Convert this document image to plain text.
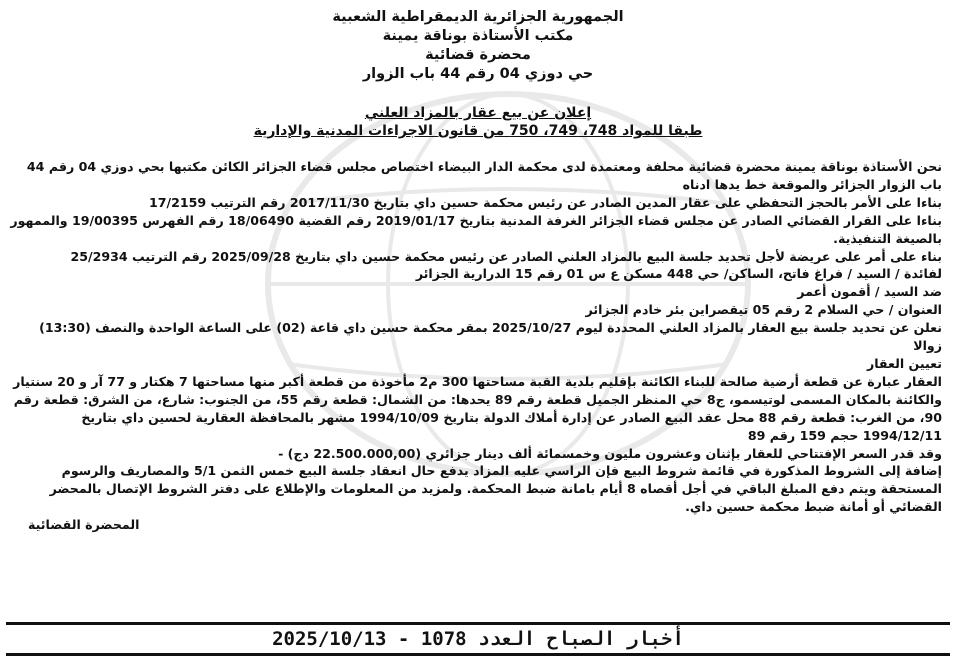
الجمهورية الجزائرية الديمقراطية الشعبية
مكتب الأستاذة بوناقة يمينة
محضرة قضائية
حي دوزي 04 رقم 44 باب الزوار
إعلان عن بيع عقار بالمزاد العلني
طبقا للمواد 748، 749، 750 من قانون الاجراءات المدنية والإدارية

نحن الأستاذة بوناقة يمينة محضرة قضائية محلفة ومعتمدة لدى محكمة الدار البيضاء اختصاص مجلس قضاء الجزائر الكائن مكتبها بحي دوزي 04 رقم 44 باب الزوار الجزائر والموقعة خط يدها ادناه

بناءا على الأمر بالحجز التحفظي على عقار المدين الصادر عن رئيس محكمة حسين داي بتاريخ 2017/11/30 رقم الترتيب 17/2159

بناءا على القرار القضائي الصادر عن مجلس قضاء الجزائر الغرفة المدنية بتاريخ 2019/01/17 رقم القضية 18/06490 رقم الفهرس 19/00395 والممهور بالصيغة التنفيذية.

بناء على أمر على عريضة لأجل تحديد جلسة البيع بالمزاد العلني الصادر عن رئيس محكمة حسين داي بتاريخ 2025/09/28 رقم الترتيب 25/2934

لفائدة / السيد / فراغ فاتح، الساكن/ حي 448 مسكن ع س 01 رقم 15 الدرارية الجزائر

ضد السيد / أقمون أعمر

العنوان / حي السلام 2 رقم 05 تيقصراين بئر خادم الجزائر

نعلن عن تحديد جلسة بيع العقار بالمزاد العلني المحددة ليوم 2025/10/27 بمقر محكمة حسين داي قاعة (02) على الساعة الواحدة والنصف (13:30) زوالا

تعيين العقار

العقار عبارة عن قطعة أرضية صالحة للبناء الكائنة بإقليم بلدية القبة مساحتها 300 م2 مأخوذة من قطعة أكبر منها مساحتها 7 هكتار و 77 آر و 20 سنتيار والكائنة بالمكان المسمى لوتيسمو، ج8 حي المنظر الجميل قطعة رقم 89 يحدها: من الشمال: قطعة رقم 55، من الجنوب: شارع، من الشرق: قطعة رقم 90، من الغرب: قطعة رقم 88 محل عقد البيع الصادر عن إدارة أملاك الدولة بتاريخ 1994/10/09 مشهر بالمحافظة العقارية لحسين داي بتاريخ 1994/12/11 حجم 159 رقم 89

وقد قدر السعر الإفتتاحي للعقار بإثنان وعشرون مليون وخمسمائة ألف دينار جزائري (22.500.000,00 دج) -

إضافة إلى الشروط المذكورة في قائمة شروط البيع فإن الراسي عليه المزاد يدفع حال انعقاد جلسة البيع خمس الثمن 5/1 والمصاريف والرسوم المستحقة ويتم دفع المبلغ الباقي في أجل أقصاه 8 أيام بامانة ضبط المحكمة. ولمزيد من المعلومات والإطلاع على دفتر الشروط الإتصال بالمحضر القضائي أو أمانة ضبط محكمة حسين داي.

المحضرة القضائية

أخبار الصباح العدد 1078 -

2025/10/13
